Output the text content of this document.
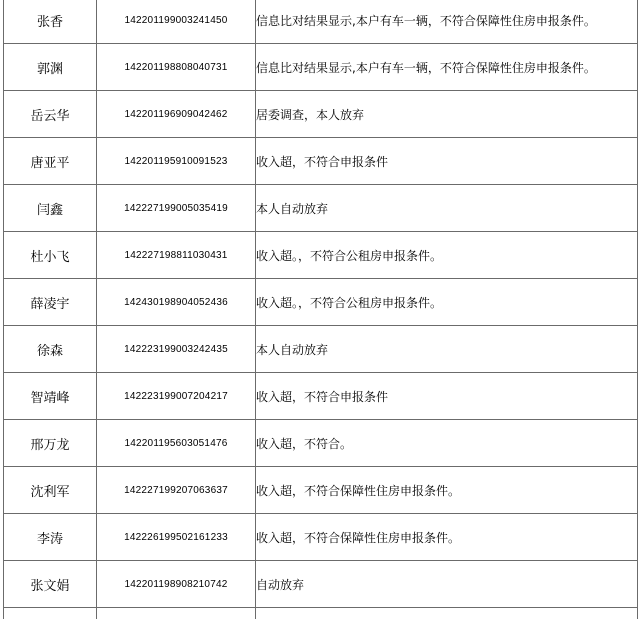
张香	142201199003241450	信息比对结果显示,本户有车一辆，不符合保障性住房申报条件。
郭渊	142201198808040731	信息比对结果显示,本户有车一辆，不符合保障性住房申报条件。
岳云华	142201196909042462	居委调查，本人放弃
唐亚平	142201195910091523	收入超，不符合申报条件
闫鑫	142227199005035419	本人自动放弃
杜小飞	142227198811030431	收入超。，不符合公租房申报条件。
薛凌宇	142430198904052436	收入超。，不符合公租房申报条件。
徐森	142223199003242435	本人自动放弃
智靖峰	142223199007204217	收入超，不符合申报条件
邢万龙	142201195603051476	收入超，不符合。
沈利军	142227199207063637	收入超，不符合保障性住房申报条件。
李涛	142226199502161233	收入超，不符合保障性住房申报条件。
张文娟	142201198908210742	自动放弃
